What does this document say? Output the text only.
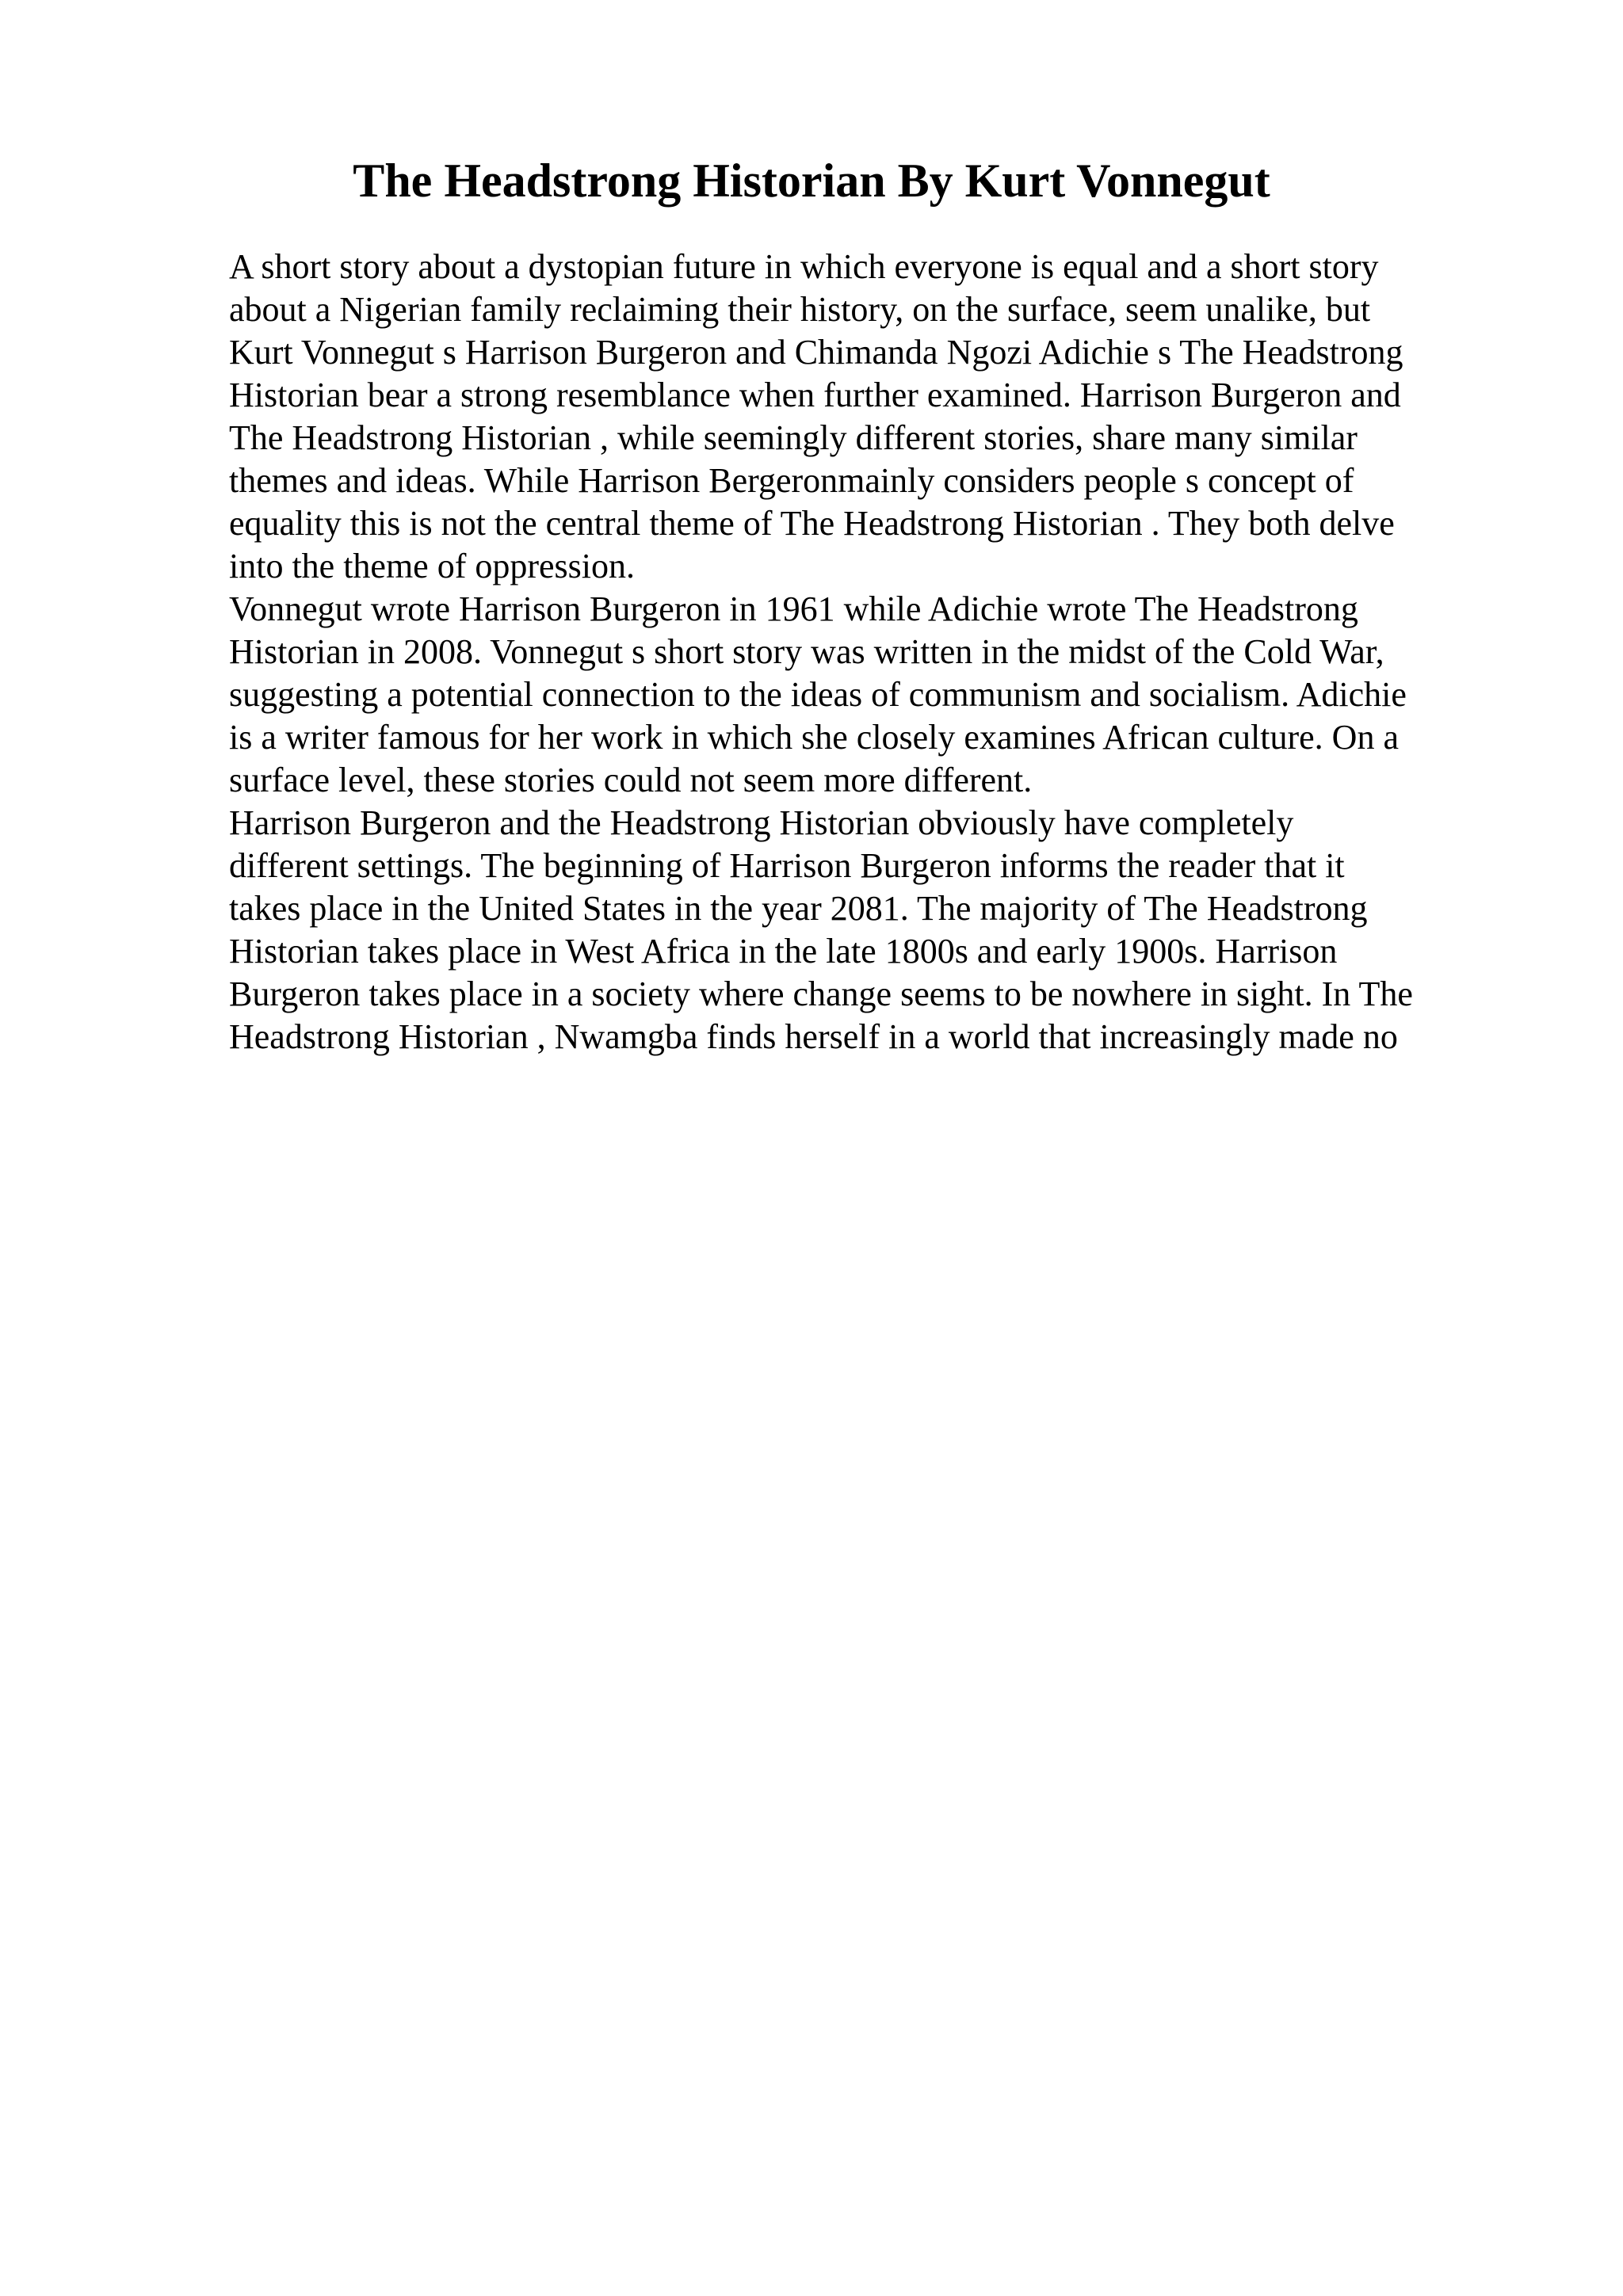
The Headstrong Historian By Kurt Vonnegut
A short story about a dystopian future in which everyone is equal and a short story
about a Nigerian family reclaiming their history, on the surface, seem unalike, but
Kurt Vonnegut s Harrison Burgeron and Chimanda Ngozi Adichie s The Headstrong
Historian bear a strong resemblance when further examined. Harrison Burgeron and
The Headstrong Historian , while seemingly different stories, share many similar
themes and ideas. While Harrison Bergeronmainly considers people s concept of
equality this is not the central theme of The Headstrong Historian . They both delve
into the theme of oppression.
Vonnegut wrote Harrison Burgeron in 1961 while Adichie wrote The Headstrong
Historian in 2008. Vonnegut s short story was written in the midst of the Cold War,
suggesting a potential connection to the ideas of communism and socialism. Adichie
is a writer famous for her work in which she closely examines African culture. On a
surface level, these stories could not seem more different.
Harrison Burgeron and the Headstrong Historian obviously have completely
different settings. The beginning of Harrison Burgeron informs the reader that it
takes place in the United States in the year 2081. The majority of The Headstrong
Historian takes place in West Africa in the late 1800s and early 1900s. Harrison
Burgeron takes place in a society where change seems to be nowhere in sight. In The
Headstrong Historian , Nwamgba finds herself in a world that increasingly made no
